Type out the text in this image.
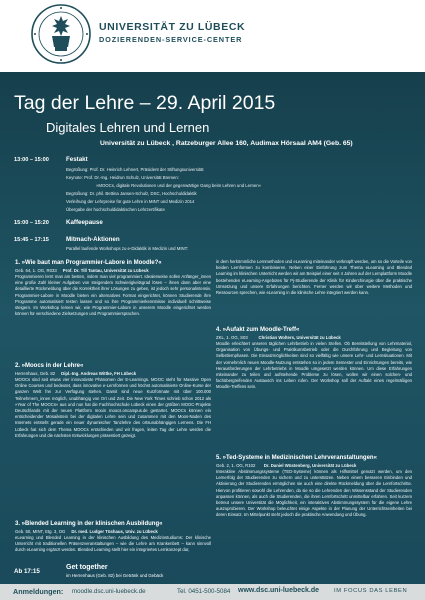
UNIVERSITÄT ZU LÜBECK
DOZIERENDEN-SERVICE-CENTER
Tag der Lehre – 29. April 2015
Digitales Lehren und Lernen
Universität zu Lübeck , Ratzeburger Allee 160, Audimax Hörsaal AM4 (Geb. 65)
13:00 – 15:00	Festakt
Begrüßung: Prof. Dr. Heinrich Lehnert, Präsident der Stiftungsuniversität
Keynote: Prof. Dr.-Ing. Heidrun Schulz, Universität Bremen:
»MOOCs, digitale Revolutionen und der gegenwärtige Gang beim Lehren und Lernen«
Begrüßung: Dr. phil. Bettina Jansen-Schulz, DSC, Hochschuldidaktik
Verleihung der Lehrpreise für gute Lehre in MINT und Medizin 2014
Übergabe der hochschuldidaktischen Lehrzertifikate
15:00 – 15:20	Kaffeepause
15:45 – 17:15	Mitmach-Aktionen
Parallel laufende Workshops zu e-Didaktik in Medizin und MINT:

1. »Wie baut man Programmier-Labore in Moodle?«

Geb. 64, 1. OG, R033 Prof. Dr. Till Tantau, Universität zu Lübeck

Programmieren lernt man am besten, indem man viel programmiert. Idealerweise sollen Anfänger_innen eine große Zahl kleiner Aufgaben von steigendem Schwierigkeitsgrad lösen – ihnen dann aber eine detaillierte Rückmeldung über die Korrektheit ihrer Lösungen zu geben, ist jedoch sehr personalintensiv. Programmier-Labore in Moodle bieten ein alternatives Format eingerichtet, können Studierende ihre Programme automatisiert testen lassen und so ihre Programmierkenntnisse individuell schrittweise steigern. Im Workshop lernen wir, wie Programmier-Labore in unserem Moodle eingerichtet werden können für verschiedene Zielsetzungen und Programmiersprachen.

2. »Moocs in der Lehre«

Herrenhaus, Geb. 82 Dipl.-Ing. Andreas Wittke, FH Lübeck

MOOCs sind seit etwas vier innovativste Phänomen der E-Learnings. MOOC steht für Massive Open Online Courses und bedeutet, dass innovative e-Lernformen und höchst automatisierte Online-Kurse der ganzen Welt frei zur Verfügung stehen. Damit sind neue Kurzformate mit über 100.000 Teilnehmern_innen möglich, unabhängig von Ort und Zeit. Die New York Times schrieb schon 2012 als »Year of The MOOCs« aus und nun hat die Fachhochschule Lübeck einen der größten MOOC-Projekte Deutschlands mit der neuen Plattform mooin moocs.oncampus.de gestartet. MOOCs können ein entscheidender Mosaikstein bei der digitalen Lehre sein und zusammen mit den Moos-Naden des Internets entsteht gerade ein neuer dynamischer Tanzlehre des ortsunabhängigen Lernens. Die FH Lübeck hat sich dem Thema MOOCs entschieden und wir fragen, leiten Tag der Lehre werden die Erfahrungen und die nächsten Entwicklungen präsentiert gezeigt.

3. »Blended Learning in der klinischen Ausbildung«

Geb. 50, MINT, Etg. 3, OG Dr. med. Ludger Tüshaus, Univ. zu Lübeck

eLearning und Blended Learning in der klinischen Ausbildung des Medizinstudiums: Der klinische Unterricht mit traditionellen Präsenzveranstaltungen – wie die Lehre am Krankenbett – kann sinnvoll durch eLearning ergänzt werden. Blended Learning stellt hier ein integriertes Lernkonzept dar,

in dem herkömmliche Lernmethoden und eLearning miteinander verknüpft werden, um so die Vorteile von beiden Lernformen zu kombinieren. Neben einer Einführung zum Thema eLearning und Blended Learning im klinischen Unterricht werden wir am Beispiel einer seit 4 Jahren auf der Lernplattform Moodle bestehenden eLearning-Angebotes für Pj-Studierende der Klinik für Kinderchirurgie über die praktische Umsetzung und unsere Erfahrungen berichten. Ferner werden wir über weitere Methoden und Ressourcen sprechen, wie eLearning in die klinische Lehre integriert werden kann.

4. »Aufakt zum Moodle-Treff«

ZKL, 1. OG, S03	Christian Wolters, Universität zu Lübeck

Moodle erleichtert unseren täglichen Lehrbetrieb in vielen Stellen. Ob Bereitstellung von Lehrmaterial, Organisation von Übungs- und Praktikumsbetrieb oder die Durchführung und Begleitung von Selbstlernphasen. Die Einsatzmöglichkeiten sind so vielfältig wie unsere Lehr- und Lernsituationen. Mit der vornehmlich neuen Moodle-Nutzung entstehen so in jedem Semester und Einrichtungen bereits, wie Herausforderungen der Lehrbetriebs in Moodle umgesetzt werden können. Um diese Erfahrungen miteinander zu teilen und aufstehende Probleme zu lösen, wollen wir einen solchen- und fachübergreifenden Austausch ins Leben rufen. Der Workshop soll der Auftakt eines regelmäßigen Moodle-Treffens sein.

5. »Ted-Systeme in Medizinischen Lehrveranstaltungen«

Geb. 2, 1. OG, R102 Dr. Daniel Wüstenberg, Universität zu Lübeck

Interaktive Abstimmungssysteme (TED-Systeme) können als Hilfsmittel genutzt werden, um den Lernerfolg der Studierenden zu sichern und zu unterstützen. Neben einem besseren Einbinden und Aktivierung der Studierenden ermöglichen sie auch eine direkte Rückmeldung über die Lernfortschritte. Hiervon profitieren sowohl die Lehrenden, da sie so die Lehrenden den Wissensstand der Studierenden anpassen können, als auch die Studierenden, die ihren Lernfortschritt unmittelbar erfahren. Seit kurzem betreut unsere Universität die Möglichkeit, ein interaktives Abstimmungssystem für die eigene Lehre auszuprobieren. Der Workshop beleuchtet einige Aspekte in der Planung der Unterrichtseinheiten bei deren Einsatz. Im Mittelpunkt steht jedoch die praktische Anwendung und Übung.

Ab 17:15
Get together
im Herrenhaus (Geb. 82) bei Getränk und Gebäck
Anmeldungen: moodle.dsc.uni-luebeck.de	Tel. 0451-500-5084 www.dsc.uni-luebeck.de	IM FOCUS DAS LEBEN
